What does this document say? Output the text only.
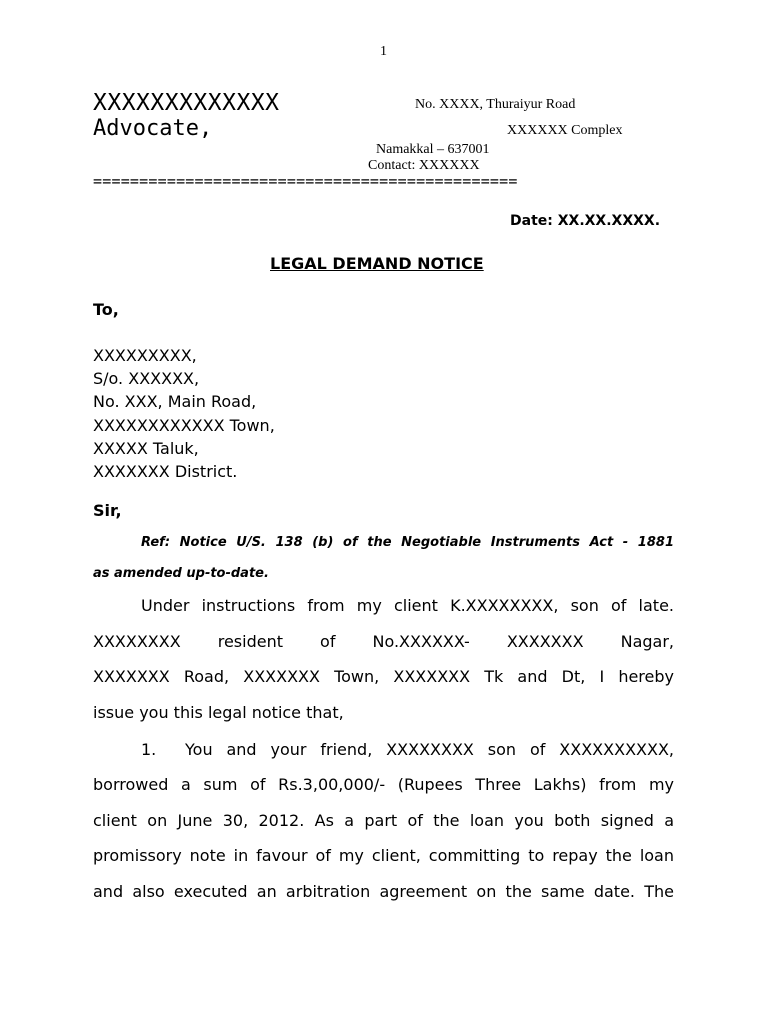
1
XXXXXXXXXXXXX
Advocate,
No. XXXX, Thuraiyur Road
XXXXXX Complex
Namakkal – 637001
Contact: XXXXXX
==============================================
Date: XX.XX.XXXX.
LEGAL DEMAND NOTICE
To,
XXXXXXXXX,
S/o. XXXXXX,
No. XXX, Main Road,
XXXXXXXXXXXX Town,
XXXXX Taluk,
XXXXXXX District.
Sir,
Ref: Notice U/S. 138 (b) of the Negotiable Instruments Act - 1881
as amended up-to-date.
Under instructions from my client K.XXXXXXXX, son of late.
XXXXXXXX resident of No.XXXXXX- XXXXXXX Nagar,
XXXXXXX Road, XXXXXXX Town, XXXXXXX Tk and Dt, I hereby
issue you this legal notice that,
1. You and your friend, XXXXXXXX son of XXXXXXXXXX,
borrowed a sum of Rs.3,00,000/- (Rupees Three Lakhs) from my
client on June 30, 2012. As a part of the loan you both signed a
promissory note in favour of my client, committing to repay the loan
and also executed an arbitration agreement on the same date. The
